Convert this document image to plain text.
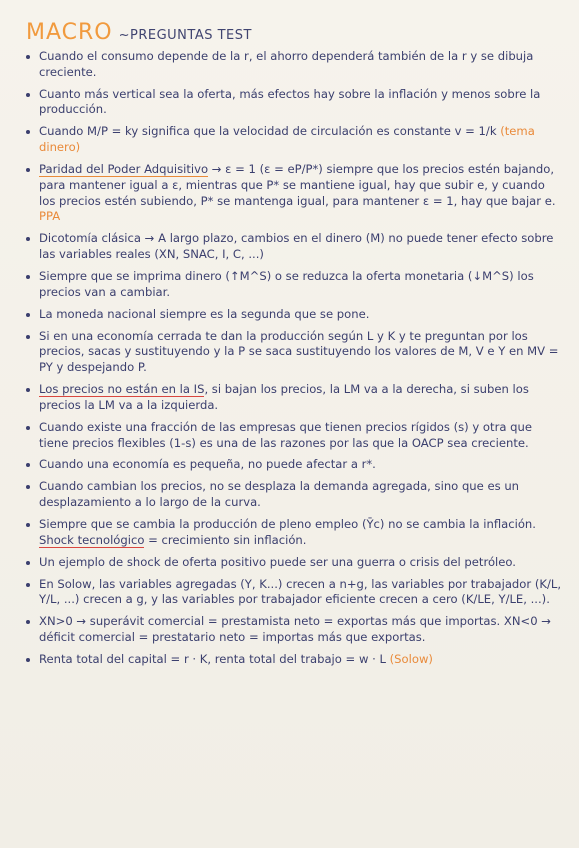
MACRO ~PREGUNTAS TEST
Cuando el consumo depende de la r, el ahorro dependerá también de la r y se dibuja creciente.
Cuanto más vertical sea la oferta, más efectos hay sobre la inflación y menos sobre la producción.
Cuando M/P = ky significa que la velocidad de circulación es constante v = 1/k (tema dinero)
Paridad del Poder Adquisitivo → ε = 1 (ε = eP/P*) siempre que los precios estén bajando, para mantener igual a ε, mientras que P* se mantiene igual, hay que subir e, y cuando los precios estén subiendo, P* se mantenga igual, para mantener ε = 1, hay que bajar e. PPA
Dicotomía clásica → A largo plazo, cambios en el dinero (M) no puede tener efecto sobre las variables reales (XN, SNAC, I, C, ...)
Siempre que se imprima dinero (↑M^S) o se reduzca la oferta monetaria (↓M^S) los precios van a cambiar.
La moneda nacional siempre es la segunda que se pone.
Si en una economía cerrada te dan la producción según L y K y te preguntan por los precios, sacas y sustituyendo y la P se saca sustituyendo los valores de M, V e Y en MV = PY y despejando P.
Los precios no están en la IS, si bajan los precios, la LM va a la derecha, si suben los precios la LM va a la izquierda.
Cuando existe una fracción de las empresas que tienen precios rígidos (s) y otra que tiene precios flexibles (1-s) es una de las razones por las que la OACP sea creciente.
Cuando una economía es pequeña, no puede afectar a r*.
Cuando cambian los precios, no se desplaza la demanda agregada, sino que es un desplazamiento a lo largo de la curva.
Siempre que se cambia la producción de pleno empleo (Ȳc) no se cambia la inflación. Shock tecnológico = crecimiento sin inflación.
Un ejemplo de shock de oferta positivo puede ser una guerra o crisis del petróleo.
En Solow, las variables agregadas (Y, K...) crecen a n+g, las variables por trabajador (K/L, Y/L, ...) crecen a g, y las variables por trabajador eficiente crecen a cero (K/LE, Y/LE, ...).
XN>0 → superávit comercial = prestamista neto = exportas más que importas. XN<0 → déficit comercial = prestatario neto = importas más que exportas.
Renta total del capital = r · K, renta total del trabajo = w · L (Solow)
